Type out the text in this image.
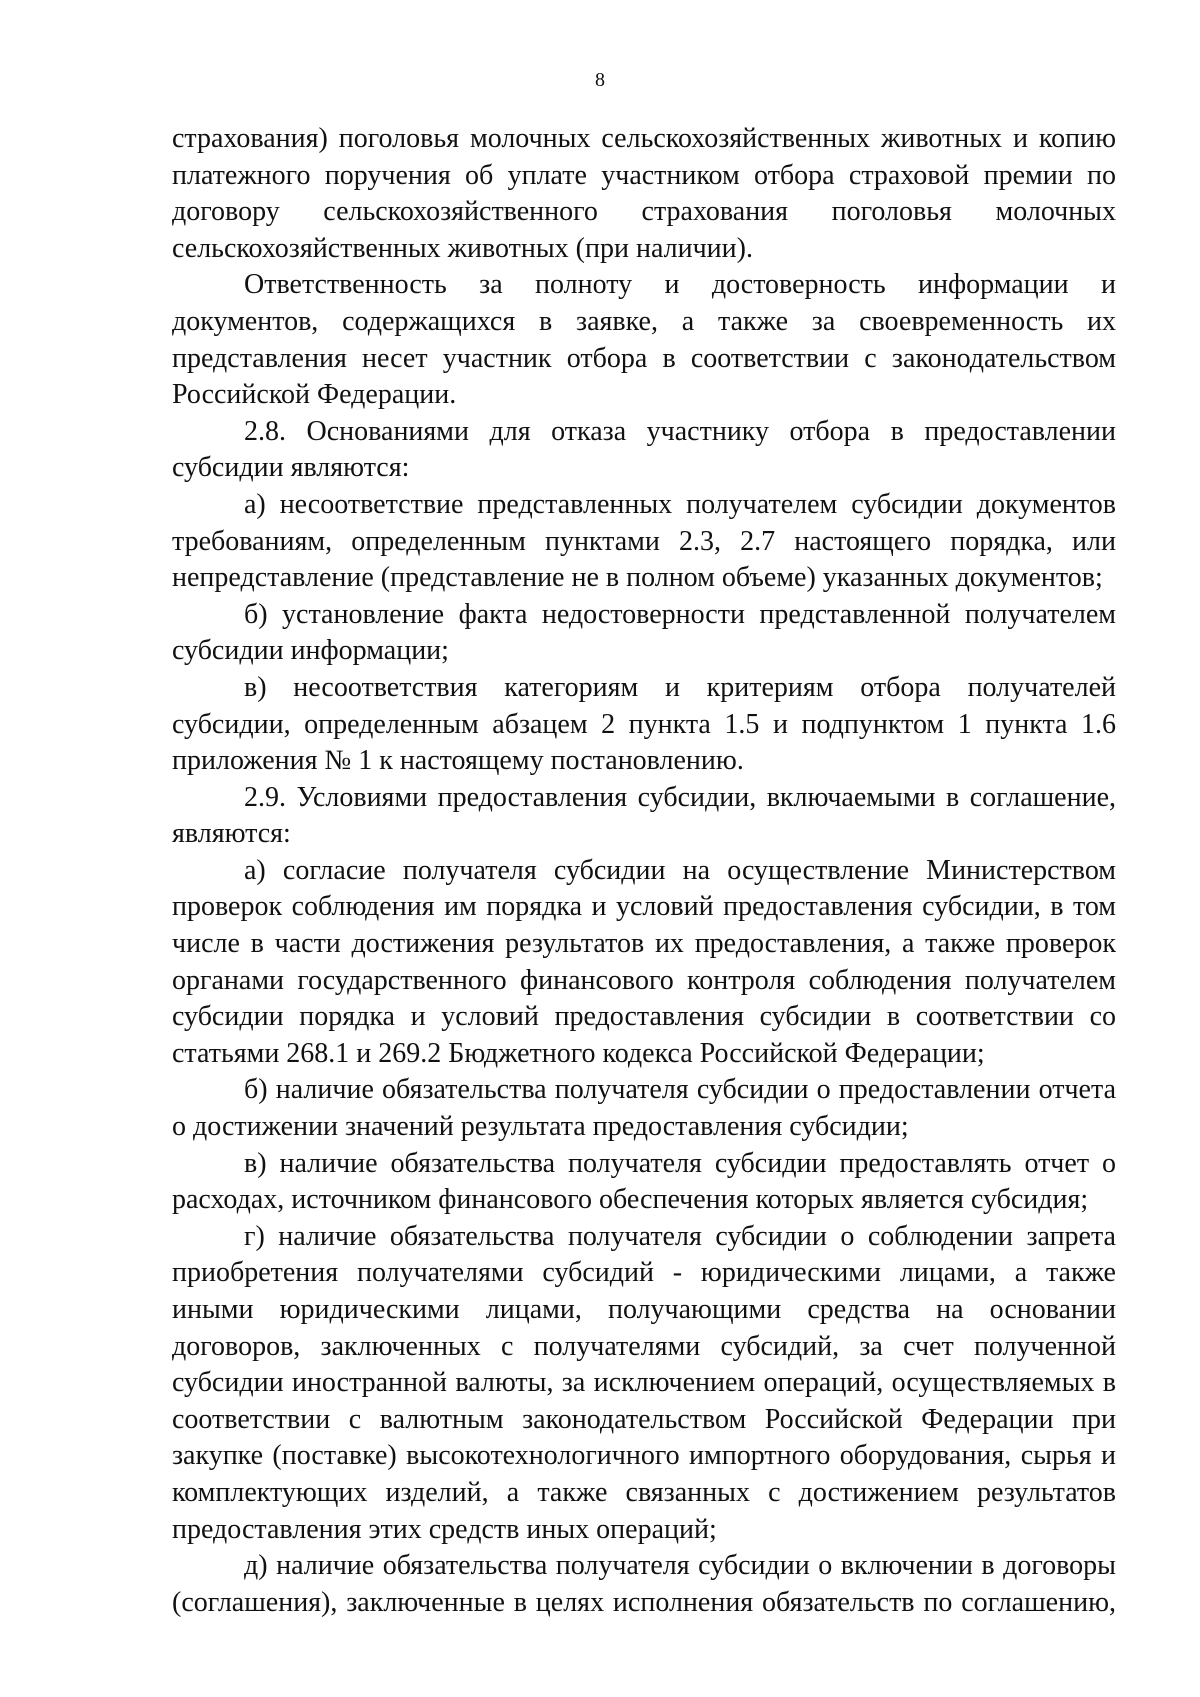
8

страхования) поголовья молочных сельскохозяйственных животных и копию платежного поручения об уплате участником отбора страховой премии по договору сельскохозяйственного страхования поголовья молочных сельскохозяйственных животных (при наличии).

Ответственность за полноту и достоверность информации и документов, содержащихся в заявке, а также за своевременность их представления несет участник отбора в соответствии с законодательством Российской Федерации.

2.8. Основаниями для отказа участнику отбора в предоставлении субсидии являются:

а) несоответствие представленных получателем субсидии документов требованиям, определенным пунктами 2.3, 2.7 настоящего порядка, или непредставление (представление не в полном объеме) указанных документов;

б) установление факта недостоверности представленной получателем субсидии информации;

в) несоответствия категориям и критериям отбора получателей субсидии, определенным абзацем 2 пункта 1.5 и подпунктом 1 пункта 1.6 приложения № 1 к настоящему постановлению.

2.9. Условиями предоставления субсидии, включаемыми в соглашение, являются:

а) согласие получателя субсидии на осуществление Министерством проверок соблюдения им порядка и условий предоставления субсидии, в том числе в части достижения результатов их предоставления, а также проверок органами государственного финансового контроля соблюдения получателем субсидии порядка и условий предоставления субсидии в соответствии со статьями 268.1 и 269.2 Бюджетного кодекса Российской Федерации;

б) наличие обязательства получателя субсидии о предоставлении отчета о достижении значений результата предоставления субсидии;

в) наличие обязательства получателя субсидии предоставлять отчет о расходах, источником финансового обеспечения которых является субсидия;

г) наличие обязательства получателя субсидии о соблюдении запрета приобретения получателями субсидий - юридическими лицами, а также иными юридическими лицами, получающими средства на основании договоров, заключенных с получателями субсидий, за счет полученной субсидии иностранной валюты, за исключением операций, осуществляемых в соответствии с валютным законодательством Российской Федерации при закупке (поставке) высокотехнологичного импортного оборудования, сырья и комплектующих изделий, а также связанных с достижением результатов предоставления этих средств иных операций;

д) наличие обязательства получателя субсидии о включении в договоры (соглашения), заключенные в целях исполнения обязательств по соглашению,
